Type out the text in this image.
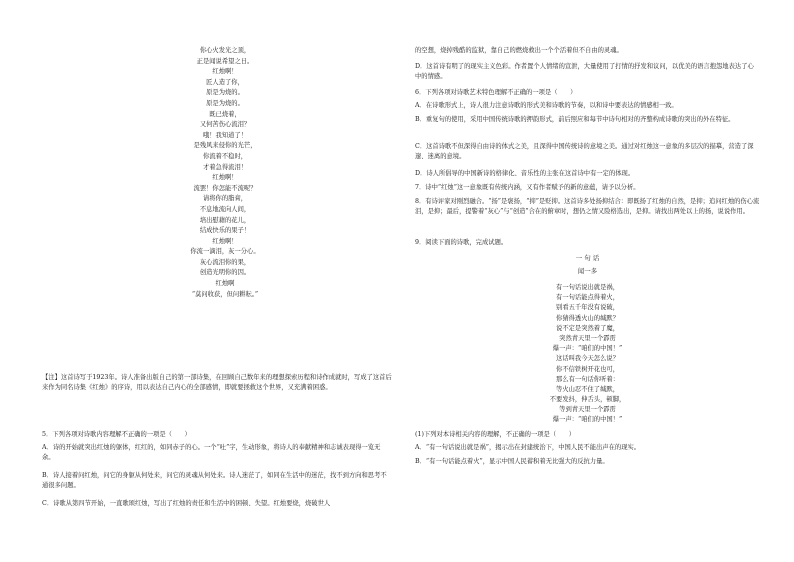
你心火发光之顶，
正是闻说希望之日。
红烛啊！
匠人造了你，
原是为烧的。
原是为烧的。
既已烧着，
又何苦伤心流泪？
哦！我知道了！
是残风来侵你的光芒，
你流着不稳时，
才着急得流泪！
红烛啊！
流罢！你怎能不流呢？
请将你的脂膏，
不息地流向人间，
培出慰藉的花儿，
结成快乐的果子！
红烛啊！
你流一滴泪，灰一分心。
灰心流泪你的果，
创造光明你的因。
红烛啊
“莫问收获，但问耕耘。”
【注】这首诗写于1923年。诗人准备出版自己的第一部诗集，在回顾自己数年来的理想探索历程和诗作成就时，写成了这首后来作为同名诗集《红烛》的序诗，用以表达自己内心的全部感情，即就要拯救这个世界，又充满着困惑。
5．下列各项对诗歌内容理解不正确的一项是（　　）
A．诗的开始就突出红烛的躯体，红红的，如同赤子的心。一个“吐”字，生动形象，将诗人的奉献精神和志诚表现得一览无余。
B．诗人接着问红烛，问它的身躯从何处来，问它的灵魂从何处来。诗人迷茫了，如同在生活中的迷茫，找不到方向和思考不通很多问题。
C．诗歌从第四节开始，一直歌颂红烛，写出了红烛的责任和生活中的困顿、失望。红烛要烧，烧破世人
的空想，烧掉残酷的监狱，靠自己的燃烧救出一个个活着但不自由的灵魂。
D．这首诗有明了的现实主义色彩。作者置个人情绪的宣泄，大量使用了打情的抒发和议问，以优美的语言抱怨地表达了心中的情感。
6．下列各项对诗歌艺术特色理解不正确的一项是（　　）
A．在诗歌形式上，诗人很力注意诗歌的形式美和诗歌的节奏，以和诗中要表达的情感相一致。
B．重复句的使用，采用中国传统诗歌的押韵形式，前后照应和每节中诗句相对的齐整构成诗歌的突出的外在特征。
C．这首诗歌不但深得自由诗的体式之美，且深得中国传统诗的意境之美。通过对红烛这一意象的多层次的描摹，营造了深邃、迷离的意境。
D．诗人所倡导的中国新诗的格律化、音乐性的主张在这首诗中有一定的体现。
7．诗中“红烛”这一意象既有传统内涵，又有作者赋予的新的意蕴，请予以分析。
8．有诗评家对刚烈融合。“扬”是褒扬，“抑”是贬抑。这首诗多处扬抑结合：即既扬了红烛的自然，是抑；追问红烛的伤心流泪，是抑；最后，提警着“灰心”与“创造”合在的俯章时，想仍之情又险格选出，是抑。请找出两处以上的扬，说说作用。
9．阅读下面的诗歌，完成试题。
一 句 话
闻一多
有一句话说出就是祸，
有一句话能点得着火，
别看五千年没有说破，
你猜得透火山的缄默？
说不定是突然着了魔，
突然青天里一个霹雳
爆一声：“咱们的中国！”
这话叫我今天怎么说？
你不信铁树开花也可，
那么有一句话你听着：
等火山忍不住了缄默，
不要发抖，伸舌头，顿脚，
等到青天里一个霹雳
爆一声：“咱们的中国！”
(1)下列对本诗相关内容的理解，不正确的一项是（　　）
A．“有一句话说出就是祸”，揭示出在封建统治下，中国人民不能出声在的现实。
B．“有一句话能点着火”，显示中国人民蓄积着无比强大的反抗力量。
